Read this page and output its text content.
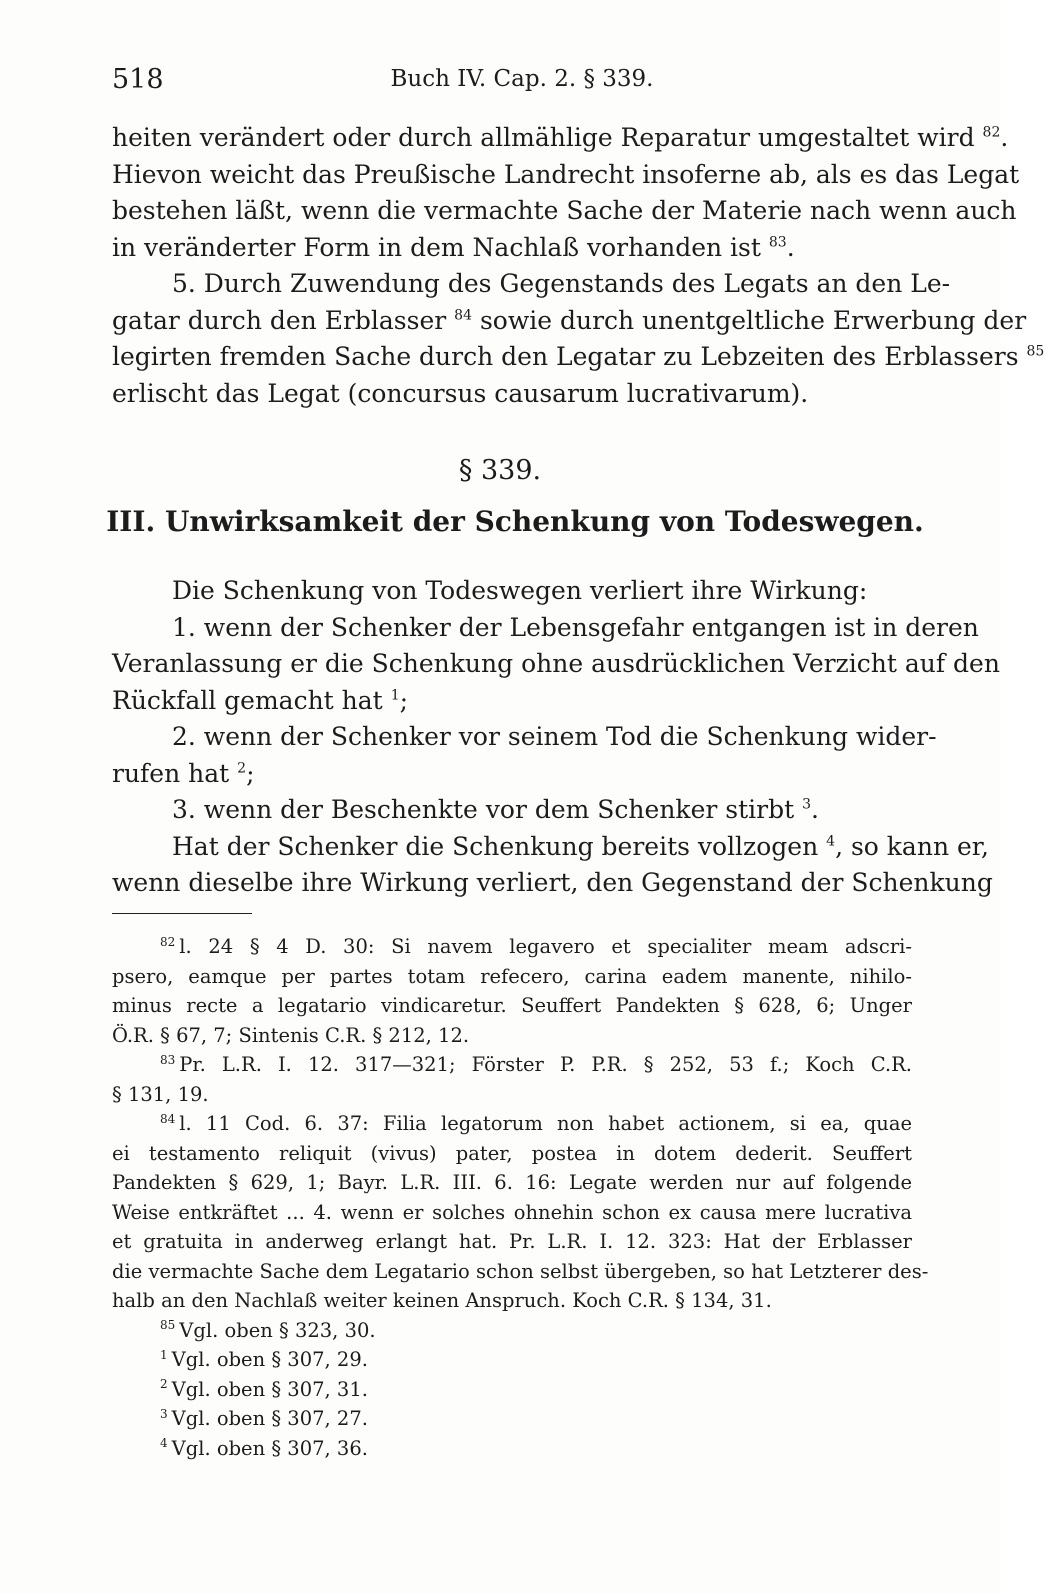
518	Buch IV. Cap. 2. § 339.
heiten verändert oder durch allmählige Reparatur umgestaltet wird $^{82}$.
Hievon weicht das Preußische Landrecht insoferne ab, als es das Legat
bestehen läßt, wenn die vermachte Sache der Materie nach wenn auch
in veränderter Form in dem Nachlaß vorhanden ist $^{83}$.
5. Durch Zuwendung des Gegenstands des Legats an den Le-
gatar durch den Erblasser $^{84}$ sowie durch unentgeltliche Erwerbung der
legirten fremden Sache durch den Legatar zu Lebzeiten des Erblassers $^{85}$
erlischt das Legat (concursus causarum lucrativarum).
§ 339.
III. Unwirksamkeit der Schenkung von Todeswegen.
Die Schenkung von Todeswegen verliert ihre Wirkung:
1. wenn der Schenker der Lebensgefahr entgangen ist in deren
Veranlassung er die Schenkung ohne ausdrücklichen Verzicht auf den
Rückfall gemacht hat $^1$;
2. wenn der Schenker vor seinem Tod die Schenkung wider-
rufen hat $^2$;
3. wenn der Beschenkte vor dem Schenker stirbt $^3$.
Hat der Schenker die Schenkung bereits vollzogen $^4$, so kann er,
wenn dieselbe ihre Wirkung verliert, den Gegenstand der Schenkung
$^{82}$ l. 24 § 4 D. 30: Si navem legavero et specialiter meam adscri-
psero, eamque per partes totam refecero, carina eadem manente, nihilo-
minus recte a legatario vindicaretur. Seuffert Pandekten § 628, 6; Unger
Ö.R. § 67, 7; Sintenis C.R. § 212, 12.
$^{83}$ Pr. L.R. I. 12. 317—321; Förster P. P.R. § 252, 53 f.; Koch C.R.
§ 131, 19.
$^{84}$ l. 11 Cod. 6. 37: Filia legatorum non habet actionem, si ea, quae
ei testamento reliquit (vivus) pater, postea in dotem dederit. Seuffert
Pandekten § 629, 1; Bayr. L.R. III. 6. 16: Legate werden nur auf folgende
Weise entkräftet ... 4. wenn er solches ohnehin schon ex causa mere lucrativa
et gratuita in anderweg erlangt hat. Pr. L.R. I. 12. 323: Hat der Erblasser
die vermachte Sache dem Legatario schon selbst übergeben, so hat Letzterer des-
halb an den Nachlaß weiter keinen Anspruch. Koch C.R. § 134, 31.
$^{85}$ Vgl. oben § 323, 30.
$^1$ Vgl. oben § 307, 29.
$^2$ Vgl. oben § 307, 31.
$^3$ Vgl. oben § 307, 27.
$^4$ Vgl. oben § 307, 36.
